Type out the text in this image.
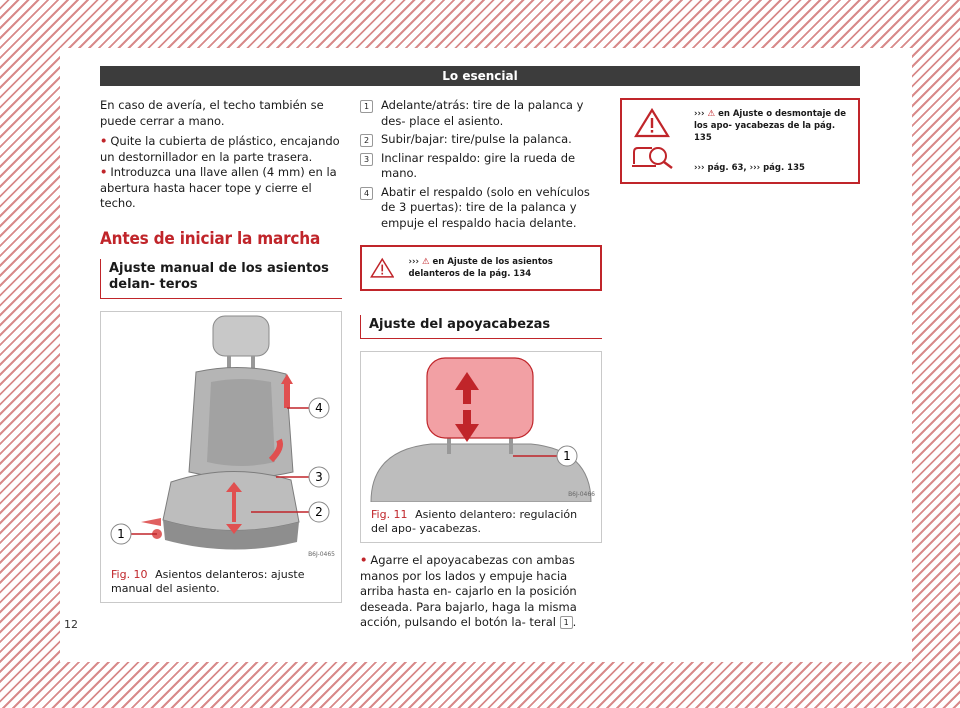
Lo esencial

En caso de avería, el techo también se puede cerrar a mano.

• Quite la cubierta de plástico, encajando un destornillador en la parte trasera.

• Introduzca una llave allen (4 mm) en la abertura hasta hacer tope y cierre el techo.

Antes de iniciar la marcha
Ajuste manual de los asientos delan- teros
4
3
2
1
B6J-0465
Fig. 10 Asientos delanteros: ajuste manual del asiento.
1	Adelante/atrás: tire de la palanca y des- place el asiento.
2	Subir/bajar: tire/pulse la palanca.
3	Inclinar respaldo: gire la rueda de mano.
4	Abatir el respaldo (solo en vehículos de 3 puertas): tire de la palanca y empuje el respaldo hacia delante.
››› ⚠ en Ajuste de los asientos delanteros de la pág. 134
Ajuste del apoyacabezas
1
B6J-0466
Fig. 11 Asiento delantero: regulación del apo- yacabezas.

• Agarre el apoyacabezas con ambas manos por los lados y empuje hacia arriba hasta en- cajarlo en la posición deseada. Para bajarlo, haga la misma acción, pulsando el botón la- teral 1 .

››› ⚠ en Ajuste o desmontaje de los apo- yacabezas de la pág. 135
››› pág. 63, ››› pág. 135
12
